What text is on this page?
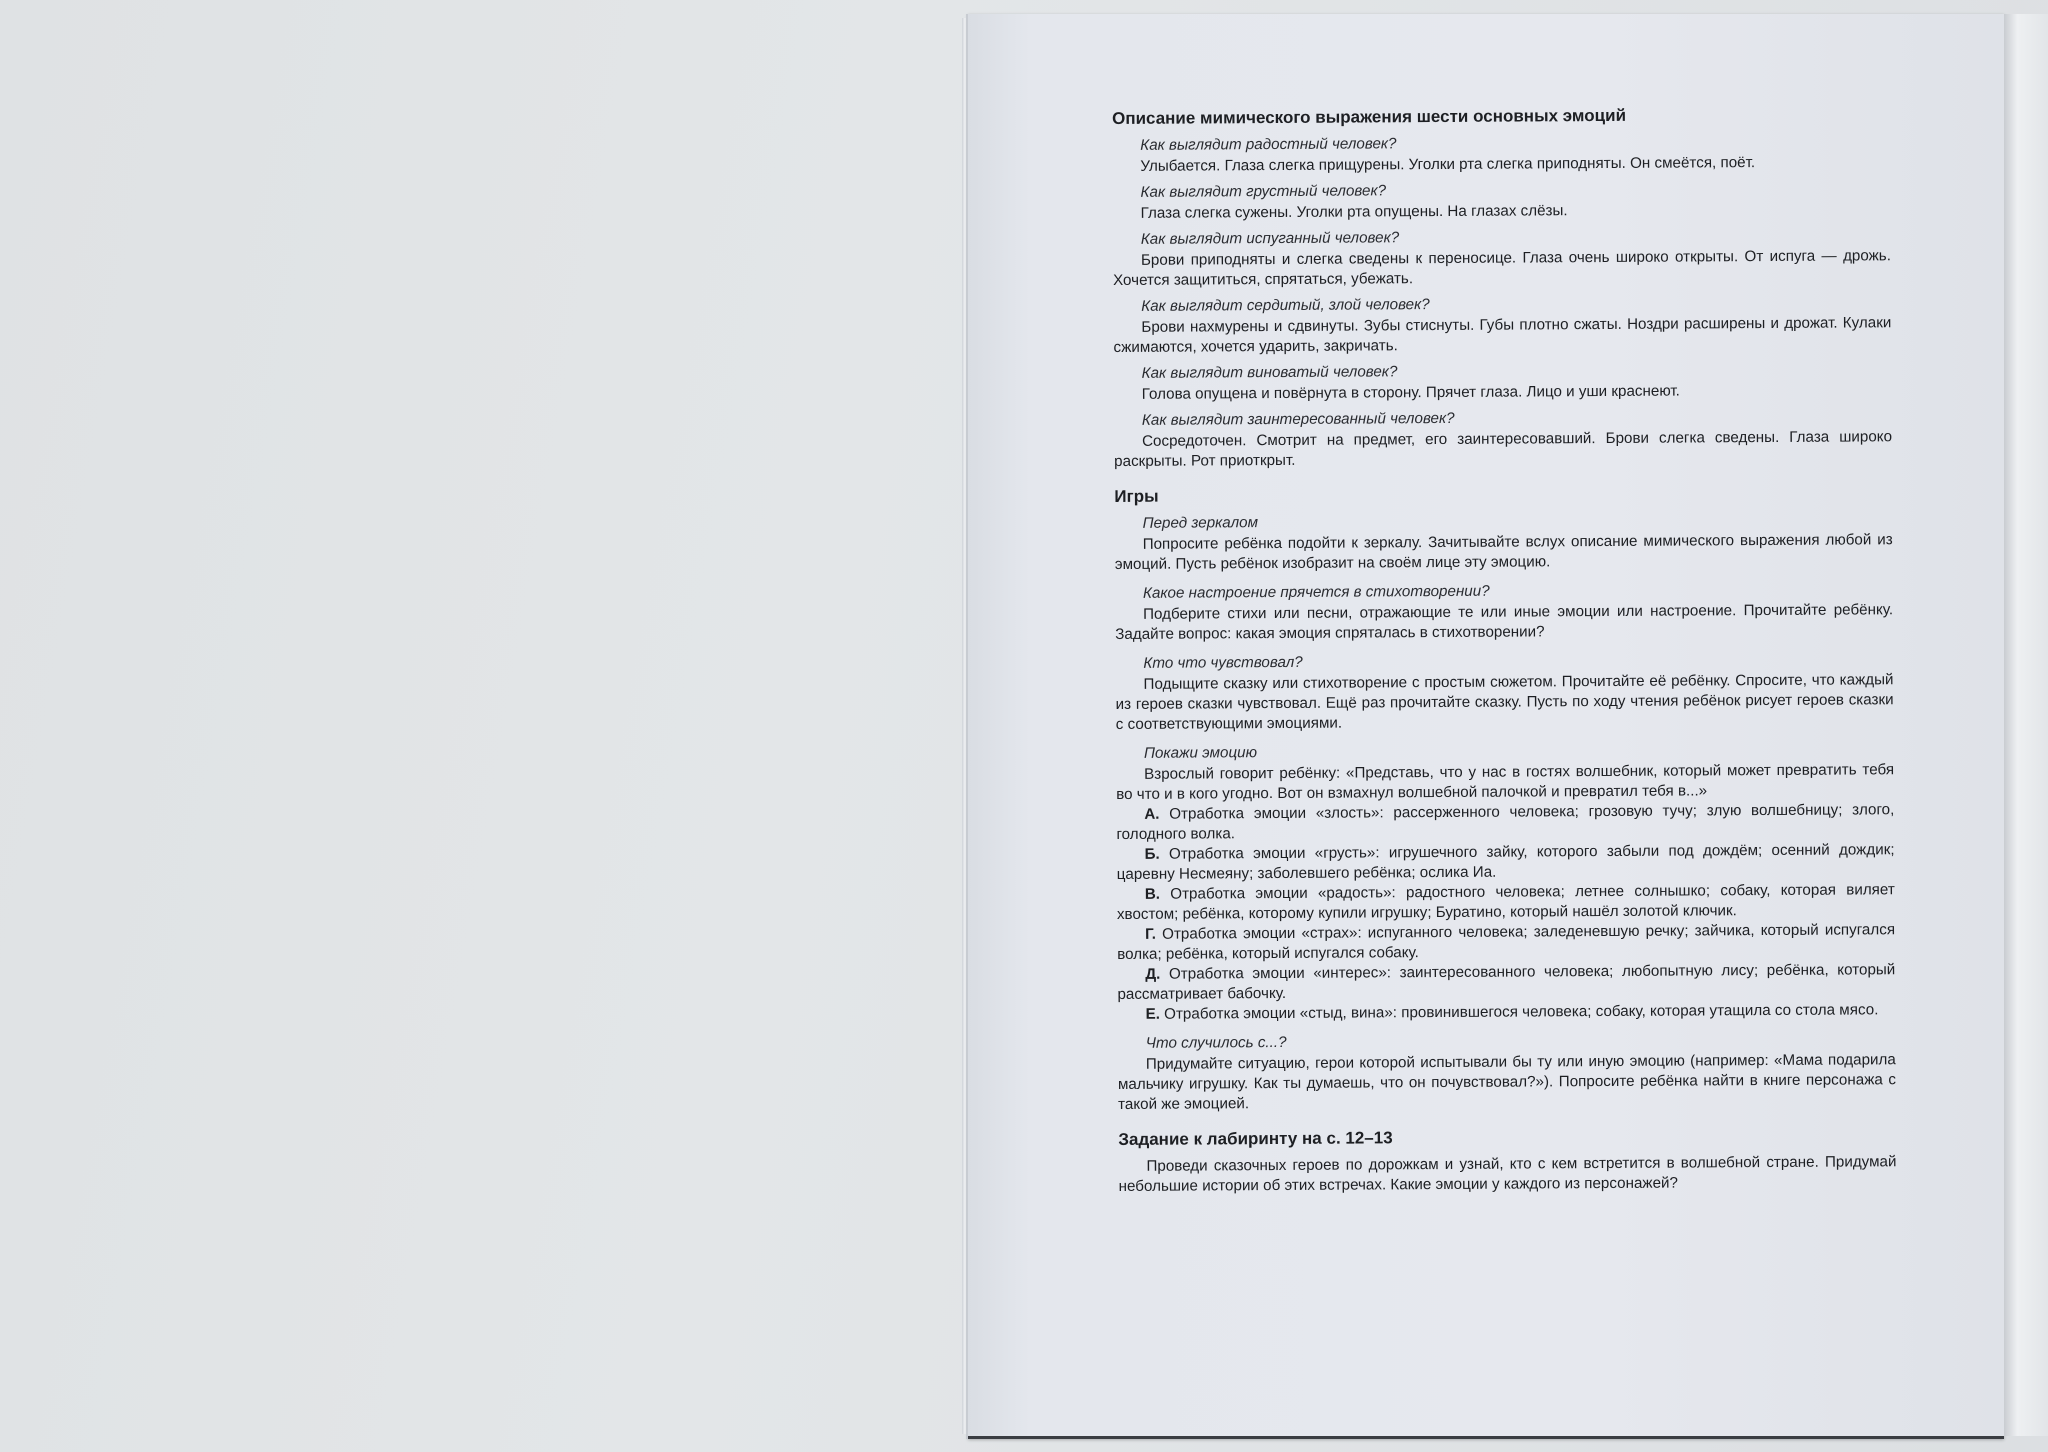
Описание мимического выражения шести основных эмоций
Как выглядит радостный человек?

Улыбается. Глаза слегка прищурены. Уголки рта слегка приподняты. Он смеётся, поёт.

Как выглядит грустный человек?

Глаза слегка сужены. Уголки рта опущены. На глазах слёзы.

Как выглядит испуганный человек?

Брови приподняты и слегка сведены к переносице. Глаза очень широко открыты. От испуга — дрожь. Хочется защититься, спрятаться, убежать.

Как выглядит сердитый, злой человек?

Брови нахмурены и сдвинуты. Зубы стиснуты. Губы плотно сжаты. Ноздри расширены и дрожат. Кулаки сжимаются, хочется ударить, закричать.

Как выглядит виноватый человек?

Голова опущена и повёрнута в сторону. Прячет глаза. Лицо и уши краснеют.

Как выглядит заинтересованный человек?

Сосредоточен. Смотрит на предмет, его заинтересовавший. Брови слегка сведены. Глаза широко раскрыты. Рот приоткрыт.

Игры
Перед зеркалом

Попросите ребёнка подойти к зеркалу. Зачитывайте вслух описание мимического выражения любой из эмоций. Пусть ребёнок изобразит на своём лице эту эмоцию.

Какое настроение прячется в стихотворении?

Подберите стихи или песни, отражающие те или иные эмоции или настроение. Прочитайте ребёнку. Задайте вопрос: какая эмоция спряталась в стихотворении?

Кто что чувствовал?

Подыщите сказку или стихотворение с простым сюжетом. Прочитайте её ребёнку. Спросите, что каждый из героев сказки чувствовал. Ещё раз прочитайте сказку. Пусть по ходу чтения ребёнок рисует героев сказки с соответствующими эмоциями.

Покажи эмоцию

Взрослый говорит ребёнку: «Представь, что у нас в гостях волшебник, который может превратить тебя во что и в кого угодно. Вот он взмахнул волшебной палочкой и превратил тебя в...»

А. Отработка эмоции «злость»: рассерженного человека; грозовую тучу; злую волшебницу; злого, голодного волка.

Б. Отработка эмоции «грусть»: игрушечного зайку, которого забыли под дождём; осенний дождик; царевну Несмеяну; заболевшего ребёнка; ослика Иа.

В. Отработка эмоции «радость»: радостного человека; летнее солнышко; собаку, которая виляет хвостом; ребёнка, которому купили игрушку; Буратино, который нашёл золотой ключик.

Г. Отработка эмоции «страх»: испуганного человека; заледеневшую речку; зайчика, который испугался волка; ребёнка, который испугался собаку.

Д. Отработка эмоции «интерес»: заинтересованного человека; любопытную лису; ребёнка, который рассматривает бабочку.

Е. Отработка эмоции «стыд, вина»: провинившегося человека; собаку, которая утащила со стола мясо.

Что случилось с...?

Придумайте ситуацию, герои которой испытывали бы ту или иную эмоцию (например: «Мама подарила мальчику игрушку. Как ты думаешь, что он почувствовал?»). Попросите ребёнка найти в книге персонажа с такой же эмоцией.

Задание к лабиринту на с. 12–13

Проведи сказочных героев по дорожкам и узнай, кто с кем встретится в волшебной стране. Придумай небольшие истории об этих встречах. Какие эмоции у каждого из персонажей?
